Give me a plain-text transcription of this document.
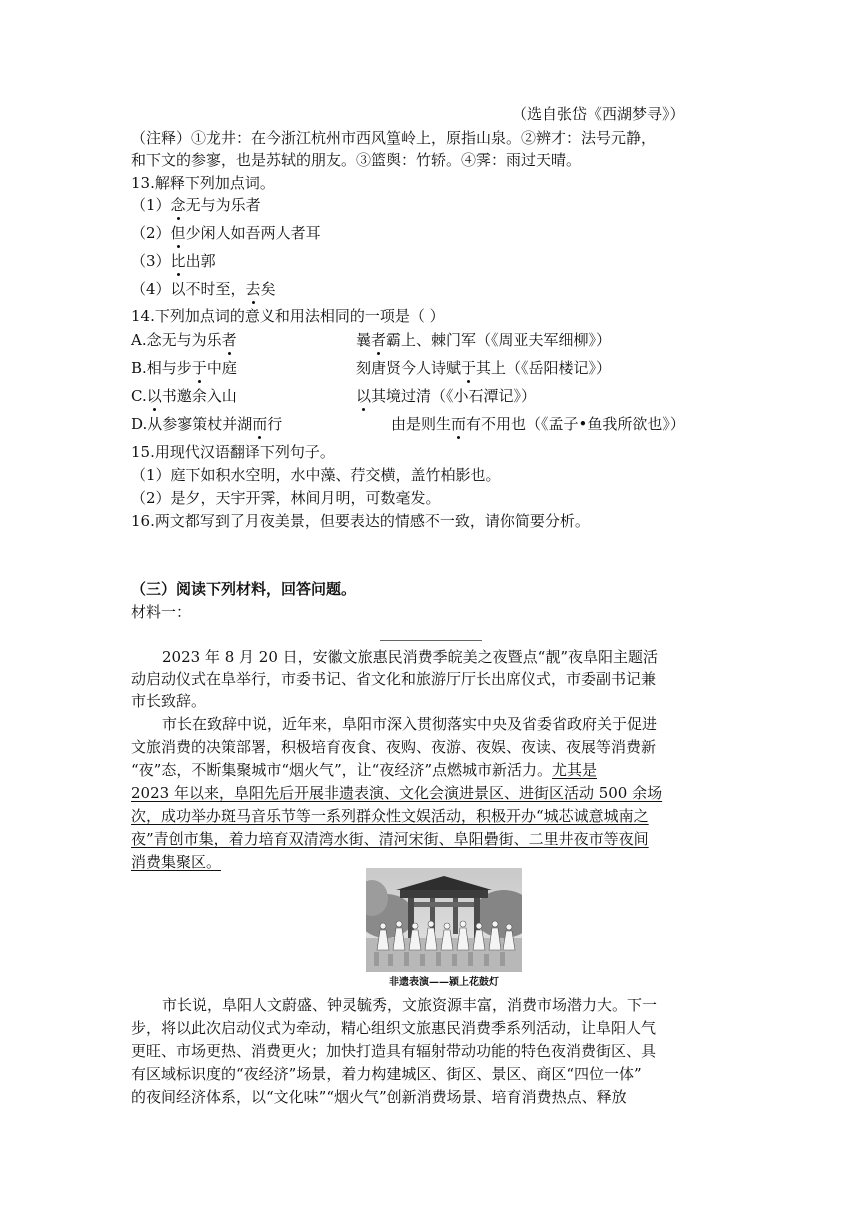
（选自张岱《西湖梦寻》）
（注释）①龙井：在今浙江杭州市西风篁岭上，原指山泉。②辨才：法号元静，
和下文的参寥，也是苏轼的朋友。③篮舆：竹轿。④霁：雨过天晴。
13.解释下列加点词。
（1）念无与为乐者
（2）但少闲人如吾两人者耳
（3）比出郭
（4）以不时至，去矣
14.下列加点词的意义和用法相同的一项是（ ）
A.念无与为乐者	曩者霸上、棘门军（《周亚夫军细柳》）
B.相与步于中庭	刻唐贤今人诗赋于其上（《岳阳楼记》）
C.以书邀余入山	以其境过清（《小石潭记》）
D.从参寥策杖并湖而行	由是则生而有不用也（《孟子•鱼我所欲也》）
15.用现代汉语翻译下列句子。
（1）庭下如积水空明，水中藻、荇交横，盖竹柏影也。
（2）是夕，天宇开霁，林间月明，可数毫发。
16.两文都写到了月夜美景，但要表达的情感不一致，请你简要分析。
（三）阅读下列材料，回答问题。
材料一：
2023 年 8 月 20 日，安徽文旅惠民消费季皖美之夜暨点“靓”夜阜阳主题活
动启动仪式在阜举行，市委书记、省文化和旅游厅厅长出席仪式，市委副书记兼
市长致辞。
市长在致辞中说，近年来，阜阳市深入贯彻落实中央及省委省政府关于促进
文旅消费的决策部署，积极培育夜食、夜购、夜游、夜娱、夜读、夜展等消费新
“夜”态，不断集聚城市“烟火气”，让“夜经济”点燃城市新活力。尤其是
2023 年以来，阜阳先后开展非遗表演、文化会演进景区、进街区活动 500 余场
次，成功举办斑马音乐节等一系列群众性文娱活动，积极开办“城芯诚意城南之
夜”青创市集，着力培育双清湾水街、清河宋街、阜阳礨街、二里井夜市等夜间
消费集聚区。
非遗表演——颍上花鼓灯
市长说，阜阳人文蔚盛、钟灵毓秀，文旅资源丰富，消费市场潜力大。下一
步，将以此次启动仪式为牵动，精心组织文旅惠民消费季系列活动，让阜阳人气
更旺、市场更热、消费更火；加快打造具有辐射带动功能的特色夜消费街区、具
有区域标识度的“夜经济”场景，着力构建城区、街区、景区、商区“四位一体”
的夜间经济体系，以“文化味”“烟火气”创新消费场景、培育消费热点、释放
